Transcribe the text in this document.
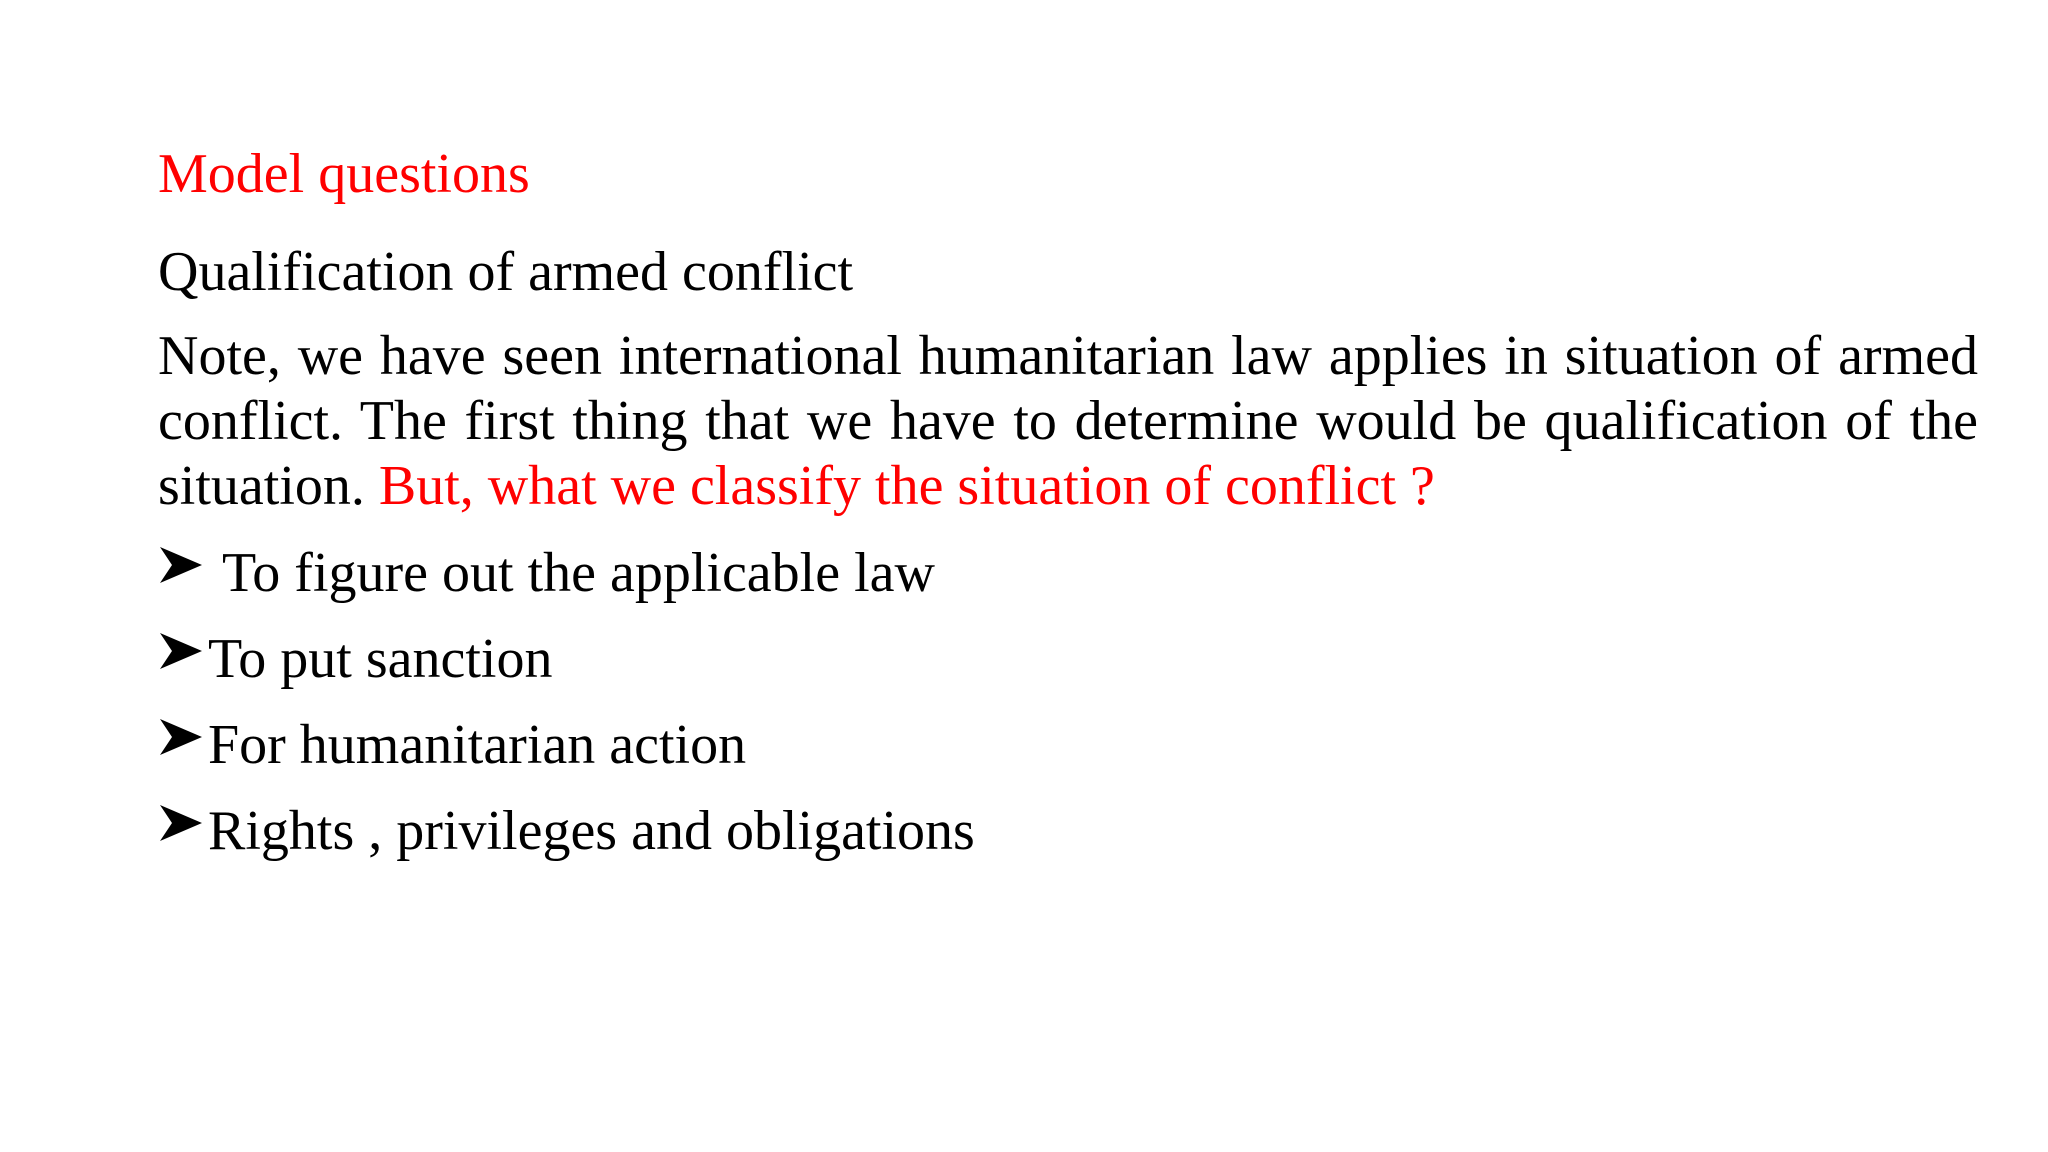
Model questions
Qualification of armed conflict

Note, we have seen international humanitarian law applies in situation of armed conflict. The first thing that we have to determine would be qualification of the situation. But, what we classify the situation of conflict ?

To figure out the applicable law
To put sanction
For humanitarian action
Rights , privileges and obligations
